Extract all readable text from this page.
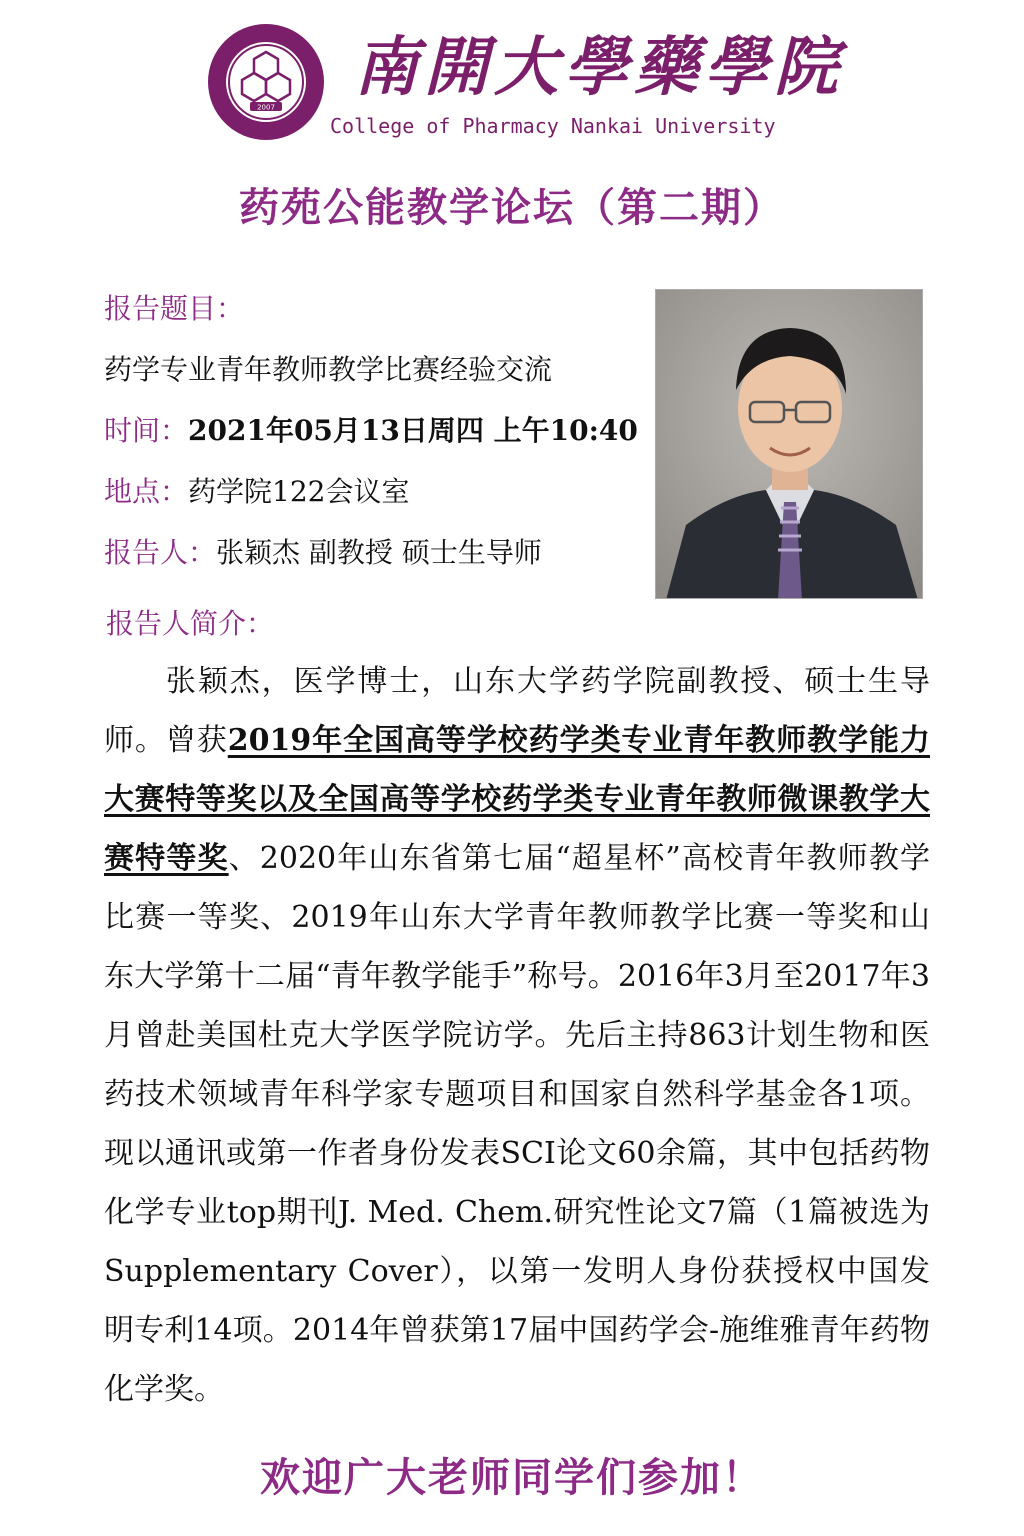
2007
南開大學藥學院
College of Pharmacy Nankai University
药苑公能教学论坛（第二期）
报告题目：
药学专业青年教师教学比赛经验交流
时间：2021年05月13日周四 上午10:40
地点：药学院122会议室
报告人：张颖杰 副教授 硕士生导师
报告人简介：
张颖杰，医学博士，山东大学药学院副教授、硕士生导师。曾获2019年全国高等学校药学类专业青年教师教学能力大赛特等奖以及全国高等学校药学类专业青年教师微课教学大赛特等奖、2020年山东省第七届“超星杯”高校青年教师教学比赛一等奖、2019年山东大学青年教师教学比赛一等奖和山东大学第十二届“青年教学能手”称号。2016年3月至2017年3月曾赴美国杜克大学医学院访学。先后主持863计划生物和医药技术领域青年科学家专题项目和国家自然科学基金各1项。现以通讯或第一作者身份发表SCI论文60余篇，其中包括药物化学专业top期刊J. Med. Chem.研究性论文7篇（1篇被选为Supplementary Cover），以第一发明人身份获授权中国发明专利14项。2014年曾获第17届中国药学会-施维雅青年药物化学奖。
欢迎广大老师同学们参加！
